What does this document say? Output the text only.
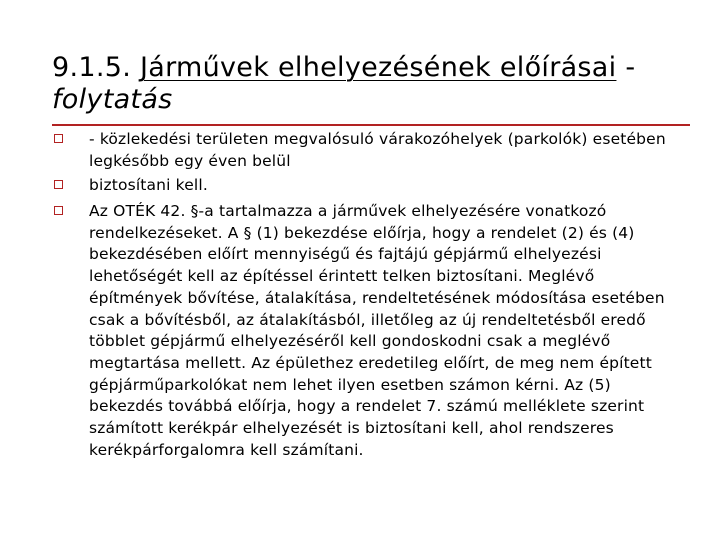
9.1.5. Járművek elhelyezésének előírásai -
folytatás
- közlekedési területen megvalósuló várakozóhelyek (parkolók) esetében legkésőbb egy éven belül
biztosítani kell.
Az OTÉK 42. §-a tartalmazza a járművek elhelyezésére vonatkozó rendelkezéseket. A § (1) bekezdése előírja, hogy a rendelet (2) és (4) bekezdésében előírt mennyiségű és fajtájú gépjármű elhelyezési lehetőségét kell az építéssel érintett telken biztosítani. Meglévő építmények bővítése, átalakítása, rendeltetésének módosítása esetében csak a bővítésből, az átalakításból, illetőleg az új rendeltetésből eredő többlet gépjármű elhelyezéséről kell gondoskodni csak a meglévő megtartása mellett. Az épülethez eredetileg előírt, de meg nem épített gépjárműparkolókat nem lehet ilyen esetben számon kérni. Az (5) bekezdés továbbá előírja, hogy a rendelet 7. számú melléklete szerint számított kerékpár elhelyezését is biztosítani kell, ahol rendszeres kerékpárforgalomra kell számítani.
